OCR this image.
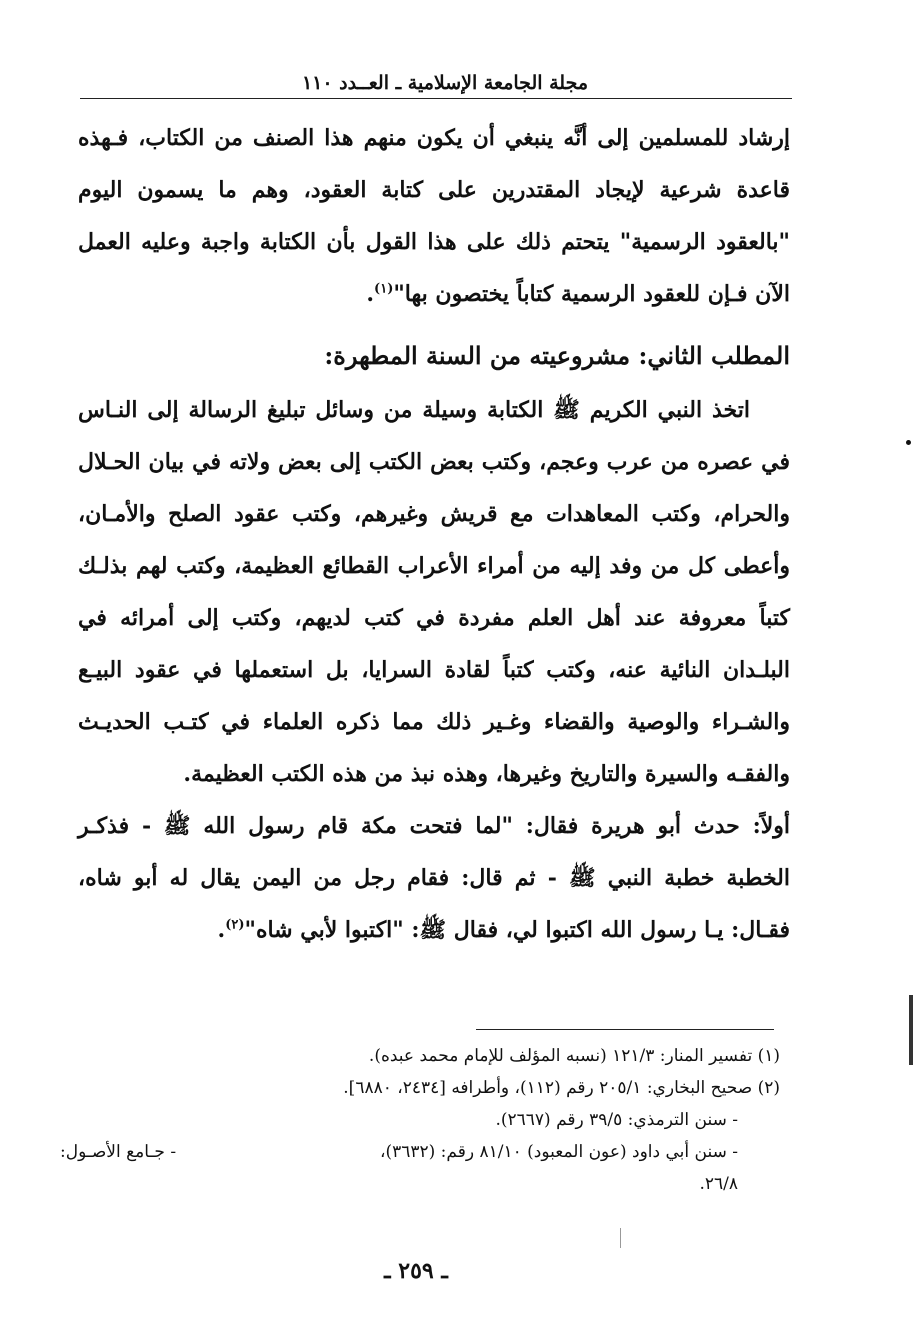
مجلة الجامعة الإسلامية ـ العــدد ١١٠

إرشاد للمسلمين إلى أنَّه ينبغي أن يكون منهم هذا الصنف من الكتاب، فـهذه قاعدة شرعية لإيجاد المقتدرين على كتابة العقود، وهم ما يسمون اليوم "بالعقود الرسمية" يتحتم ذلك على هذا القول بأن الكتابة واجبة وعليه العمل الآن فـإن للعقود الرسمية كتاباً يختصون بها"$^{(١)}$.

المطلب الثاني: مشروعيته من السنة المطهرة:

اتخذ النبي الكريم ﷺ الكتابة وسيلة من وسائل تبليغ الرسالة إلى النـاس في عصره من عرب وعجم، وكتب بعض الكتب إلى بعض ولاته في بيان الحـلال والحرام، وكتب المعاهدات مع قريش وغيرهم، وكتب عقود الصلح والأمـان، وأعطى كل من وفد إليه من أمراء الأعراب القطائع العظيمة، وكتب لهم بذلـك كتباً معروفة عند أهل العلم مفردة في كتب لديهم، وكتب إلى أمرائه في البلـدان النائية عنه، وكتب كتباً لقادة السرايا، بل استعملها في عقود البيـع والشـراء والوصية والقضاء وغـير ذلك مما ذكره العلماء في كتـب الحديـث والفقـه والسيرة والتاريخ وغيرها، وهذه نبذ من هذه الكتب العظيمة.

أولاً: حدث أبو هريرة فقال: "لما فتحت مكة قام رسول الله ﷺ - فذكـر الخطبة خطبة النبي ﷺ - ثم قال: فقام رجل من اليمن يقال له أبو شاه، فقـال: يـا رسول الله اكتبوا لي، فقال ﷺ: "اكتبوا لأبي شاه"$^{(٢)}$.

(١) تفسير المنار: ١٢١/٣ (نسبه المؤلف للإمام محمد عبده).

(٢) صحيح البخاري: ٢٠٥/١ رقم (١١٢)، وأطرافه [٢٤٣٤، ٦٨٨٠].

- سنن الترمذي: ٣٩/٥ رقم (٢٦٦٧).

- سنن أبي داود (عون المعبود) ٨١/١٠ رقم: (٣٦٣٢)،
- جـامع الأصـول:

٢٦/٨.

ـ ٢٥٩ ـ
